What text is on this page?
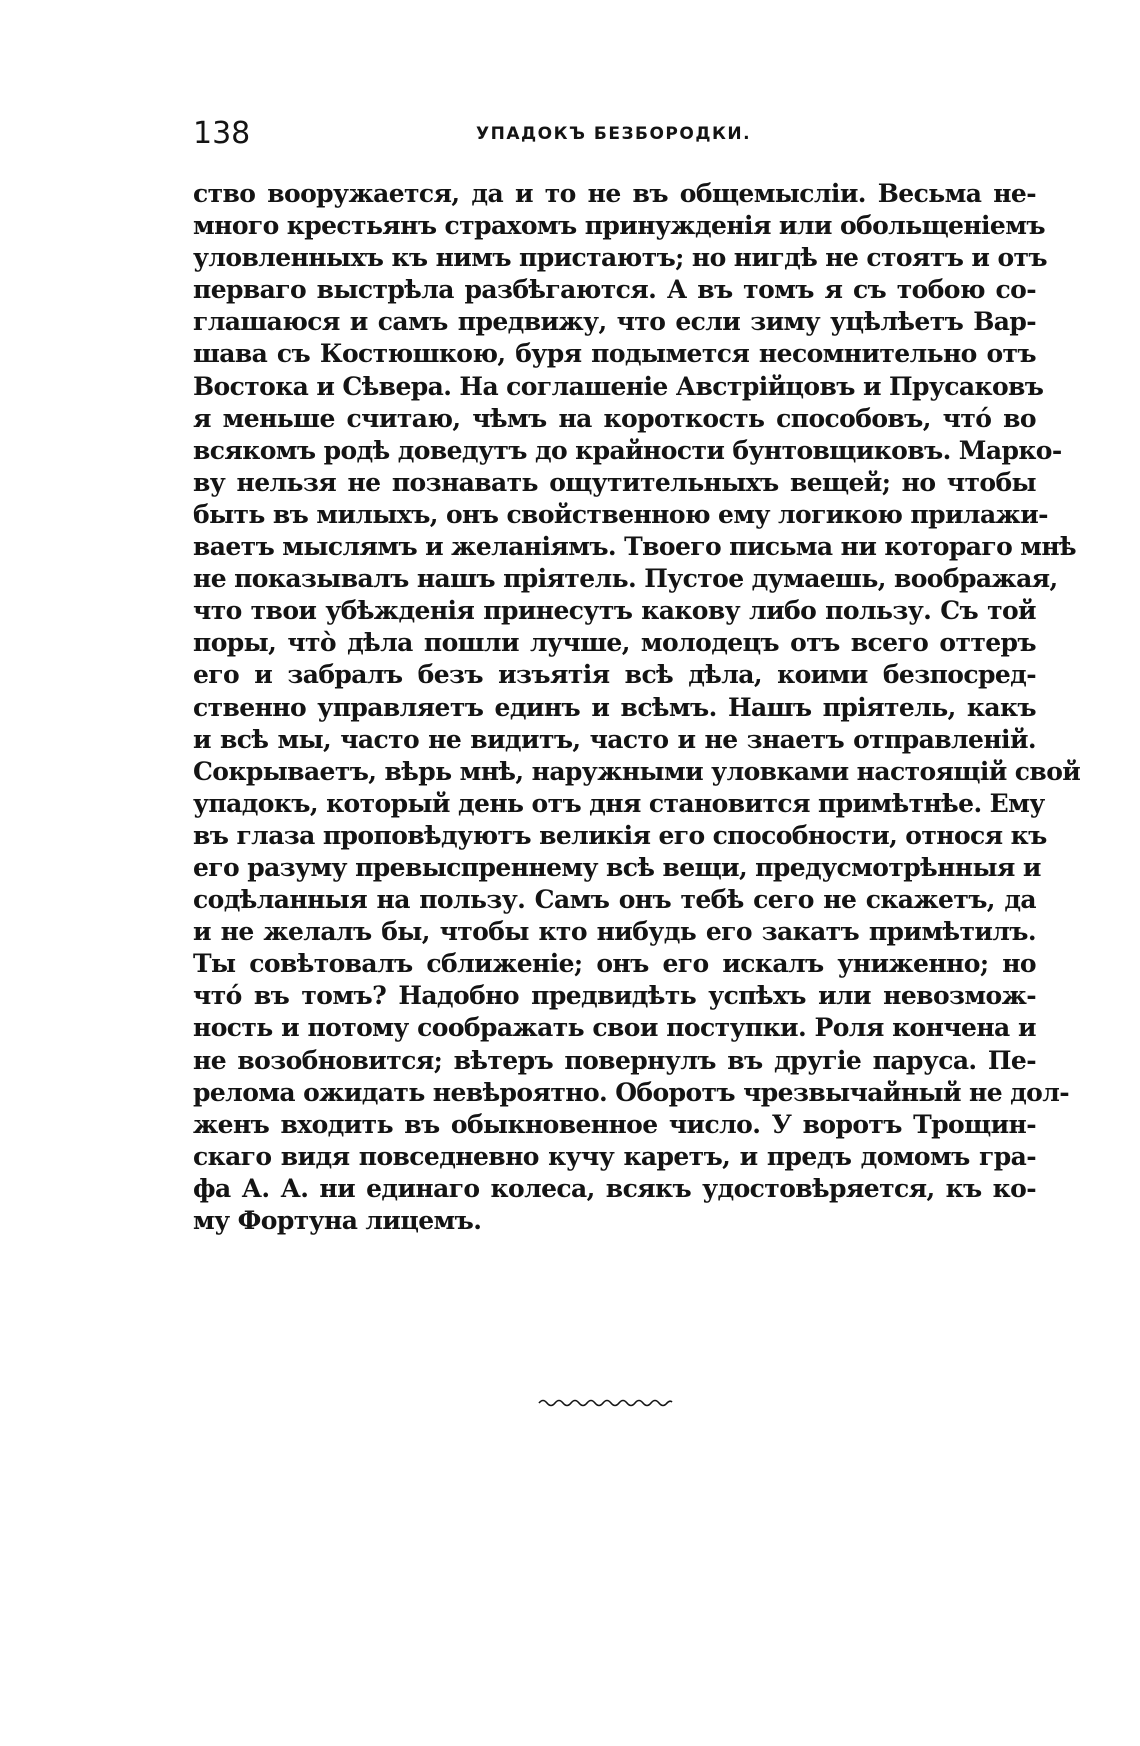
138	УПАДОКЪ БЕЗБОРОДКИ.
ство вооружается, да и то не въ общемысліи. Весьма не-
много крестьянъ страхомъ принужденія или обольщеніемъ
уловленныхъ къ нимъ пристаютъ; но нигдѣ не стоятъ и отъ
перваго выстрѣла разбѣгаются. А въ томъ я съ тобою со-
глашаюся и самъ предвижу, что если зиму уцѣлѣетъ Вар-
шава съ Костюшкою, буря подымется несомнительно отъ
Востока и Сѣвера. На соглашеніе Австрійцовъ и Прусаковъ
я меньше считаю, чѣмъ на короткость способовъ, чтó во
всякомъ родѣ доведутъ до крайности бунтовщиковъ. Марко-
ву нельзя не познавать ощутительныхъ вещей; но чтобы
быть въ милыхъ, онъ свойственною ему логикою прилажи-
ваетъ мыслямъ и желаніямъ. Твоего письма ни котораго мнѣ
не показывалъ нашъ пріятель. Пустое думаешь, воображая,
что твои убѣжденія принесутъ какову либо пользу. Съ той
поры, чтò дѣла пошли лучше, молодецъ отъ всего оттеръ
его и забралъ безъ изъятія всѣ дѣла, коими безпосред-
ственно управляетъ единъ и всѣмъ. Нашъ пріятель, какъ
и всѣ мы, часто не видитъ, часто и не знаетъ отправленій.
Сокрываетъ, вѣрь мнѣ, наружными уловками настоящій свой
упадокъ, который день отъ дня становится примѣтнѣе. Ему
въ глаза проповѣдуютъ великія его способности, относя къ
его разуму превыспреннему всѣ вещи, предусмотрѣнныя и
содѣланныя на пользу. Самъ онъ тебѣ сего не скажетъ, да
и не желалъ бы, чтобы кто нибудь его закатъ примѣтилъ.
Ты совѣтовалъ сближеніе; онъ его искалъ униженно; но
чтó въ томъ? Надобно предвидѣть успѣхъ или невозмож-
ность и потому соображать свои поступки. Роля кончена и
не возобновится; вѣтеръ повернулъ въ другіе паруса. Пе-
релома ожидать невѣроятно. Оборотъ чрезвычайный не дол-
женъ входить въ обыкновенное число. У воротъ Трощин-
скаго видя повседневно кучу каретъ, и предъ домомъ гра-
фа А. А. ни единаго колеса, всякъ удостовѣряется, къ ко-
му Фортуна лицемъ.
